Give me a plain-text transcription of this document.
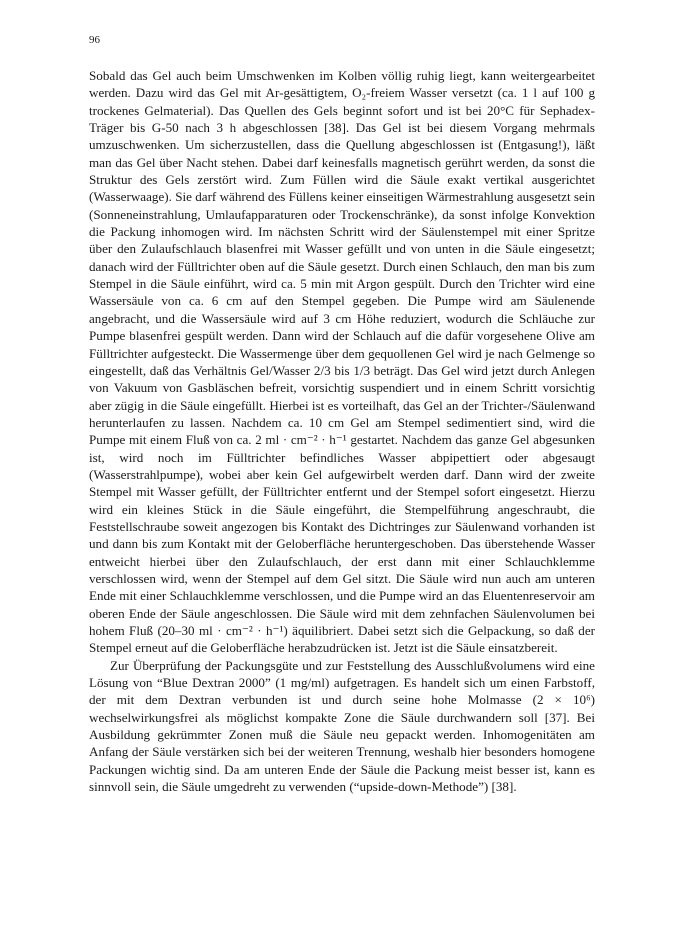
96

Sobald das Gel auch beim Umschwenken im Kolben völlig ruhig liegt, kann weitergearbeitet werden. Dazu wird das Gel mit Ar-gesättigtem, O₂-freiem Wasser versetzt (ca. 1 l auf 100 g trockenes Gelmaterial). Das Quellen des Gels beginnt sofort und ist bei 20°C für Sephadex-Träger bis G-50 nach 3 h abgeschlossen [38]. Das Gel ist bei diesem Vorgang mehrmals umzuschwenken. Um sicherzustellen, dass die Quellung abgeschlossen ist (Entgasung!), läßt man das Gel über Nacht stehen. Dabei darf keinesfalls magnetisch gerührt werden, da sonst die Struktur des Gels zerstört wird. Zum Füllen wird die Säule exakt vertikal ausgerichtet (Wasserwaage). Sie darf während des Füllens keiner einseitigen Wärmestrahlung ausgesetzt sein (Sonneneinstrahlung, Umlaufapparaturen oder Trockenschränke), da sonst infolge Konvektion die Packung inhomogen wird. Im nächsten Schritt wird der Säulenstempel mit einer Spritze über den Zulaufschlauch blasenfrei mit Wasser gefüllt und von unten in die Säule eingesetzt; danach wird der Fülltrichter oben auf die Säule gesetzt. Durch einen Schlauch, den man bis zum Stempel in die Säule einführt, wird ca. 5 min mit Argon gespült. Durch den Trichter wird eine Wassersäule von ca. 6 cm auf den Stempel gegeben. Die Pumpe wird am Säulenende angebracht, und die Wassersäule wird auf 3 cm Höhe reduziert, wodurch die Schläuche zur Pumpe blasenfrei gespült werden. Dann wird der Schlauch auf die dafür vorgesehene Olive am Fülltrichter aufgesteckt. Die Wassermenge über dem gequollenen Gel wird je nach Gelmenge so eingestellt, daß das Verhältnis Gel/Wasser 2/3 bis 1/3 beträgt. Das Gel wird jetzt durch Anlegen von Vakuum von Gasbläschen befreit, vorsichtig suspendiert und in einem Schritt vorsichtig aber zügig in die Säule eingefüllt. Hierbei ist es vorteilhaft, das Gel an der Trichter-/Säulenwand herunterlaufen zu lassen. Nachdem ca. 10 cm Gel am Stempel sedimentiert sind, wird die Pumpe mit einem Fluß von ca. 2 ml · cm⁻² · h⁻¹ gestartet. Nachdem das ganze Gel abgesunken ist, wird noch im Fülltrichter befindliches Wasser abpipettiert oder abgesaugt (Wasserstrahlpumpe), wobei aber kein Gel aufgewirbelt werden darf. Dann wird der zweite Stempel mit Wasser gefüllt, der Fülltrichter entfernt und der Stempel sofort eingesetzt. Hierzu wird ein kleines Stück in die Säule eingeführt, die Stempelführung angeschraubt, die Feststellschraube soweit angezogen bis Kontakt des Dichtringes zur Säulenwand vorhanden ist und dann bis zum Kontakt mit der Geloberfläche heruntergeschoben. Das überstehende Wasser entweicht hierbei über den Zulaufschlauch, der erst dann mit einer Schlauchklemme verschlossen wird, wenn der Stempel auf dem Gel sitzt. Die Säule wird nun auch am unteren Ende mit einer Schlauchklemme verschlossen, und die Pumpe wird an das Eluentenreservoir am oberen Ende der Säule angeschlossen. Die Säule wird mit dem zehnfachen Säulenvolumen bei hohem Fluß (20–30 ml · cm⁻² · h⁻¹) äquilibriert. Dabei setzt sich die Gelpackung, so daß der Stempel erneut auf die Geloberfläche herabzudrücken ist. Jetzt ist die Säule einsatzbereit.

Zur Überprüfung der Packungsgüte und zur Feststellung des Ausschlußvolumens wird eine Lösung von “Blue Dextran 2000” (1 mg/ml) aufgetragen. Es handelt sich um einen Farbstoff, der mit dem Dextran verbunden ist und durch seine hohe Molmasse (2 × 10⁶) wechselwirkungsfrei als möglichst kompakte Zone die Säule durchwandern soll [37]. Bei Ausbildung gekrümmter Zonen muß die Säule neu gepackt werden. Inhomogenitäten am Anfang der Säule verstärken sich bei der weiteren Trennung, weshalb hier besonders homogene Packungen wichtig sind. Da am unteren Ende der Säule die Packung meist besser ist, kann es sinnvoll sein, die Säule umgedreht zu verwenden (“upside-down-Methode”) [38].
